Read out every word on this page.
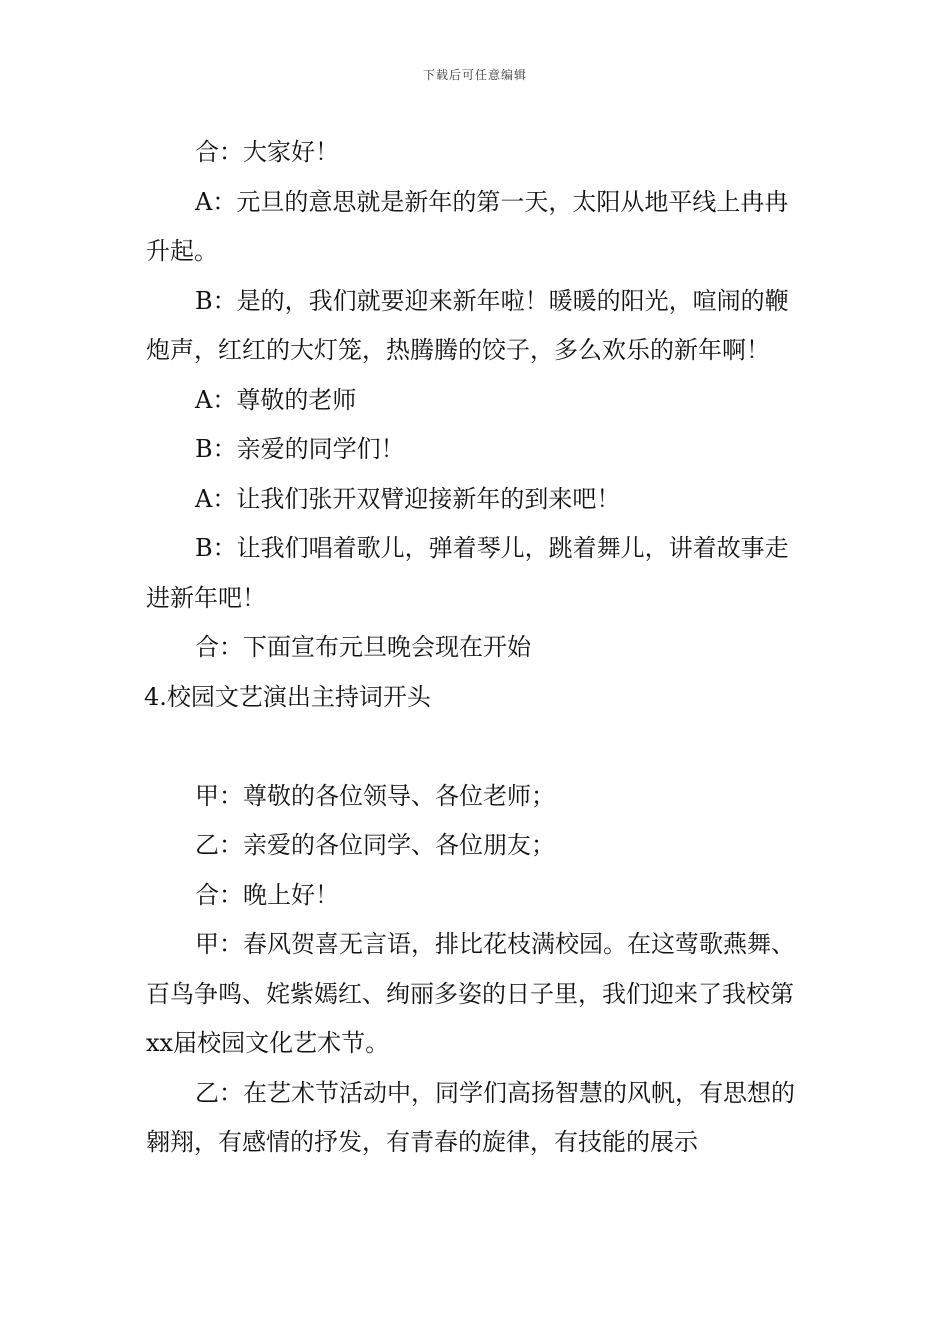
下载后可任意编辑

合：大家好！

A：元旦的意思就是新年的第一天，太阳从地平线上冉冉升起。

B：是的，我们就要迎来新年啦！暖暖的阳光，喧闹的鞭炮声，红红的大灯笼，热腾腾的饺子，多么欢乐的新年啊！

A：尊敬的老师

B：亲爱的同学们！

A：让我们张开双臂迎接新年的到来吧！

B：让我们唱着歌儿，弹着琴儿，跳着舞儿，讲着故事走进新年吧！

合：下面宣布元旦晚会现在开始

4.校园文艺演出主持词开头

甲：尊敬的各位领导、各位老师；

乙：亲爱的各位同学、各位朋友；

合：晚上好！

甲：春风贺喜无言语，排比花枝满校园。在这莺歌燕舞、百鸟争鸣、姹紫嫣红、绚丽多姿的日子里，我们迎来了我校第xx届校园文化艺术节。

乙：在艺术节活动中，同学们高扬智慧的风帆，有思想的翱翔，有感情的抒发，有青春的旋律，有技能的展示
